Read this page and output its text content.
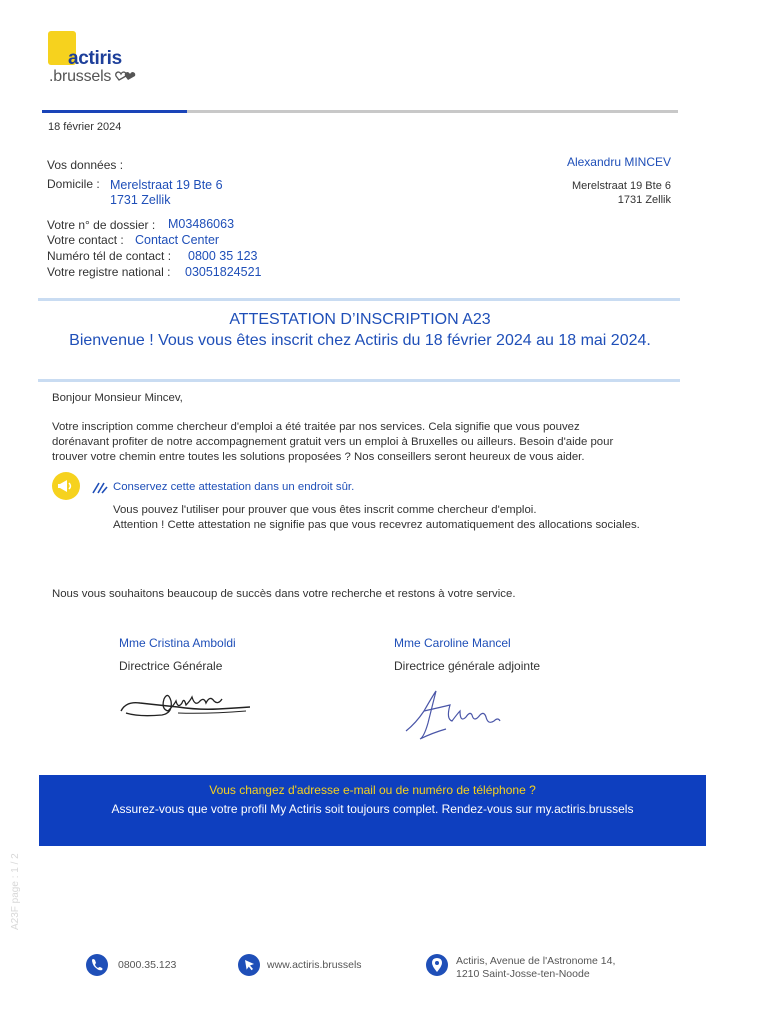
actiris
.brussels
18 février 2024
Alexandru MINCEV
Merelstraat 19 Bte 6
1731 Zellik
Vos données :
Domicile : Merelstraat 19 Bte 6
1731 Zellik
Votre n° de dossier : M03486063
Votre contact : Contact Center
Numéro tél de contact : 0800 35 123
Votre registre national : 03051824521
ATTESTATION D’INSCRIPTION A23
Bienvenue ! Vous vous êtes inscrit chez Actiris du 18 février 2024 au 18 mai 2024.
Bonjour Monsieur Mincev,
Votre inscription comme chercheur d'emploi a été traitée par nos services. Cela signifie que vous pouvez
dorénavant profiter de notre accompagnement gratuit vers un emploi à Bruxelles ou ailleurs. Besoin d'aide pour
trouver votre chemin entre toutes les solutions proposées ? Nos conseillers seront heureux de vous aider.
Conservez cette attestation dans un endroit sûr.
Vous pouvez l'utiliser pour prouver que vous êtes inscrit comme chercheur d'emploi.
Attention ! Cette attestation ne signifie pas que vous recevrez automatiquement des allocations sociales.
Nous vous souhaitons beaucoup de succès dans votre recherche et restons à votre service.
Mme Cristina Amboldi
Directrice Générale
Mme Caroline Mancel
Directrice générale adjointe
Vous changez d'adresse e-mail ou de numéro de téléphone ?
Assurez-vous que votre profil My Actiris soit toujours complet. Rendez-vous sur my.actiris.brussels
A23F page : 1 / 2
0800.35.123	www.actiris.brussels	Actiris, Avenue de l'Astronome 14,
1210 Saint-Josse-ten-Noode
